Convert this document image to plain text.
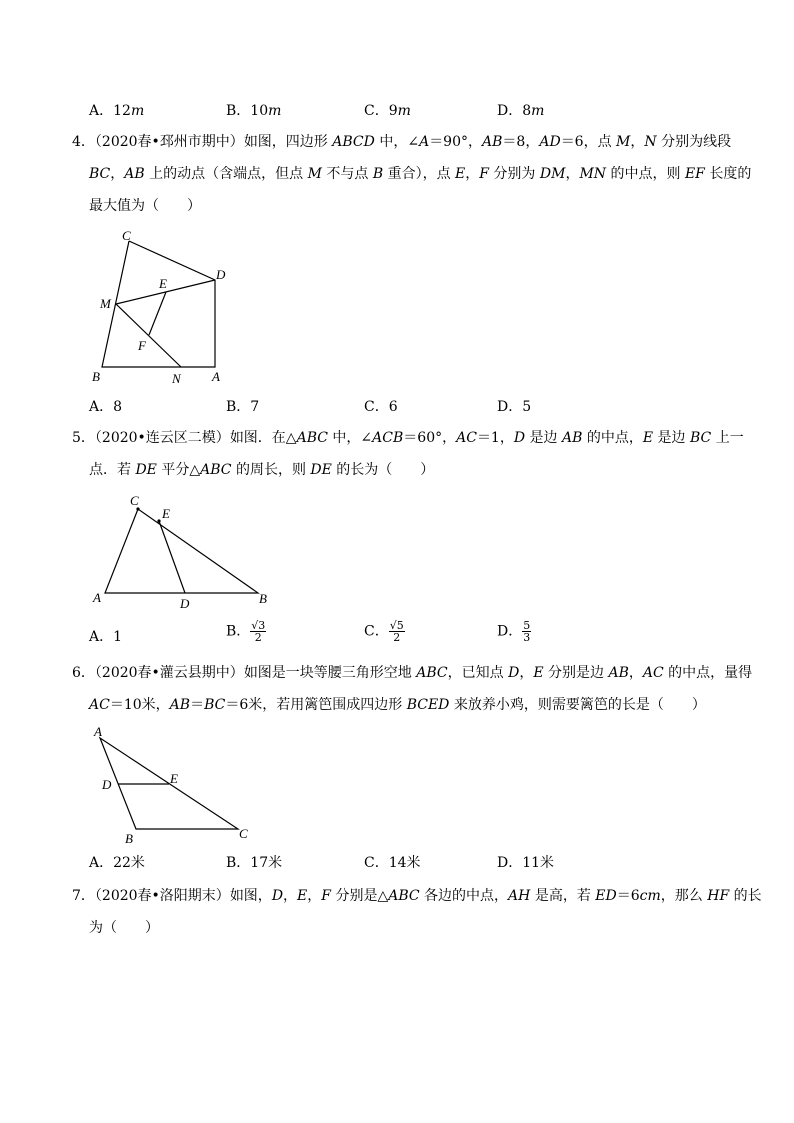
A．12m	B．10m	C．9m	D．8m
4．（2020春•邳州市期中）如图，四边形 ABCD 中，∠A＝90°，AB＝8，AD＝6，点 M，N 分别为线段
BC，AB 上的动点（含端点，但点 M 不与点 B 重合），点 E，F 分别为 DM，MN 的中点，则 EF 长度的
最大值为（　　）
C
D
E
M
F
B	N A
A．8	B．7	C．6	D．5
5．（2020•连云区二模）如图．在△ABC 中，∠ACB＝60°，AC＝1，D 是边 AB 的中点，E 是边 BC 上一
点．若 DE 平分△ABC 的周长，则 DE 的长为（　　）
C
E
A	D	B
A．1	B． $\frac{√3}{2}$	C． $\frac{√5}{2}$	D． $\frac{5}{3}$
6．（2020春•灌云县期中）如图是一块等腰三角形空地 ABC，已知点 D，E 分别是边 AB，AC 的中点，量得
AC＝10米，AB＝BC＝6米，若用篱笆围成四边形 BCED 来放养小鸡，则需要篱笆的长是（　　）
A
D	E
B	C
A．22米	B．17米	C．14米	D．11米
7．（2020春•洛阳期末）如图，D，E，F 分别是△ABC 各边的中点，AH 是高，若 ED＝6cm，那么 HF 的长
为（　　）
